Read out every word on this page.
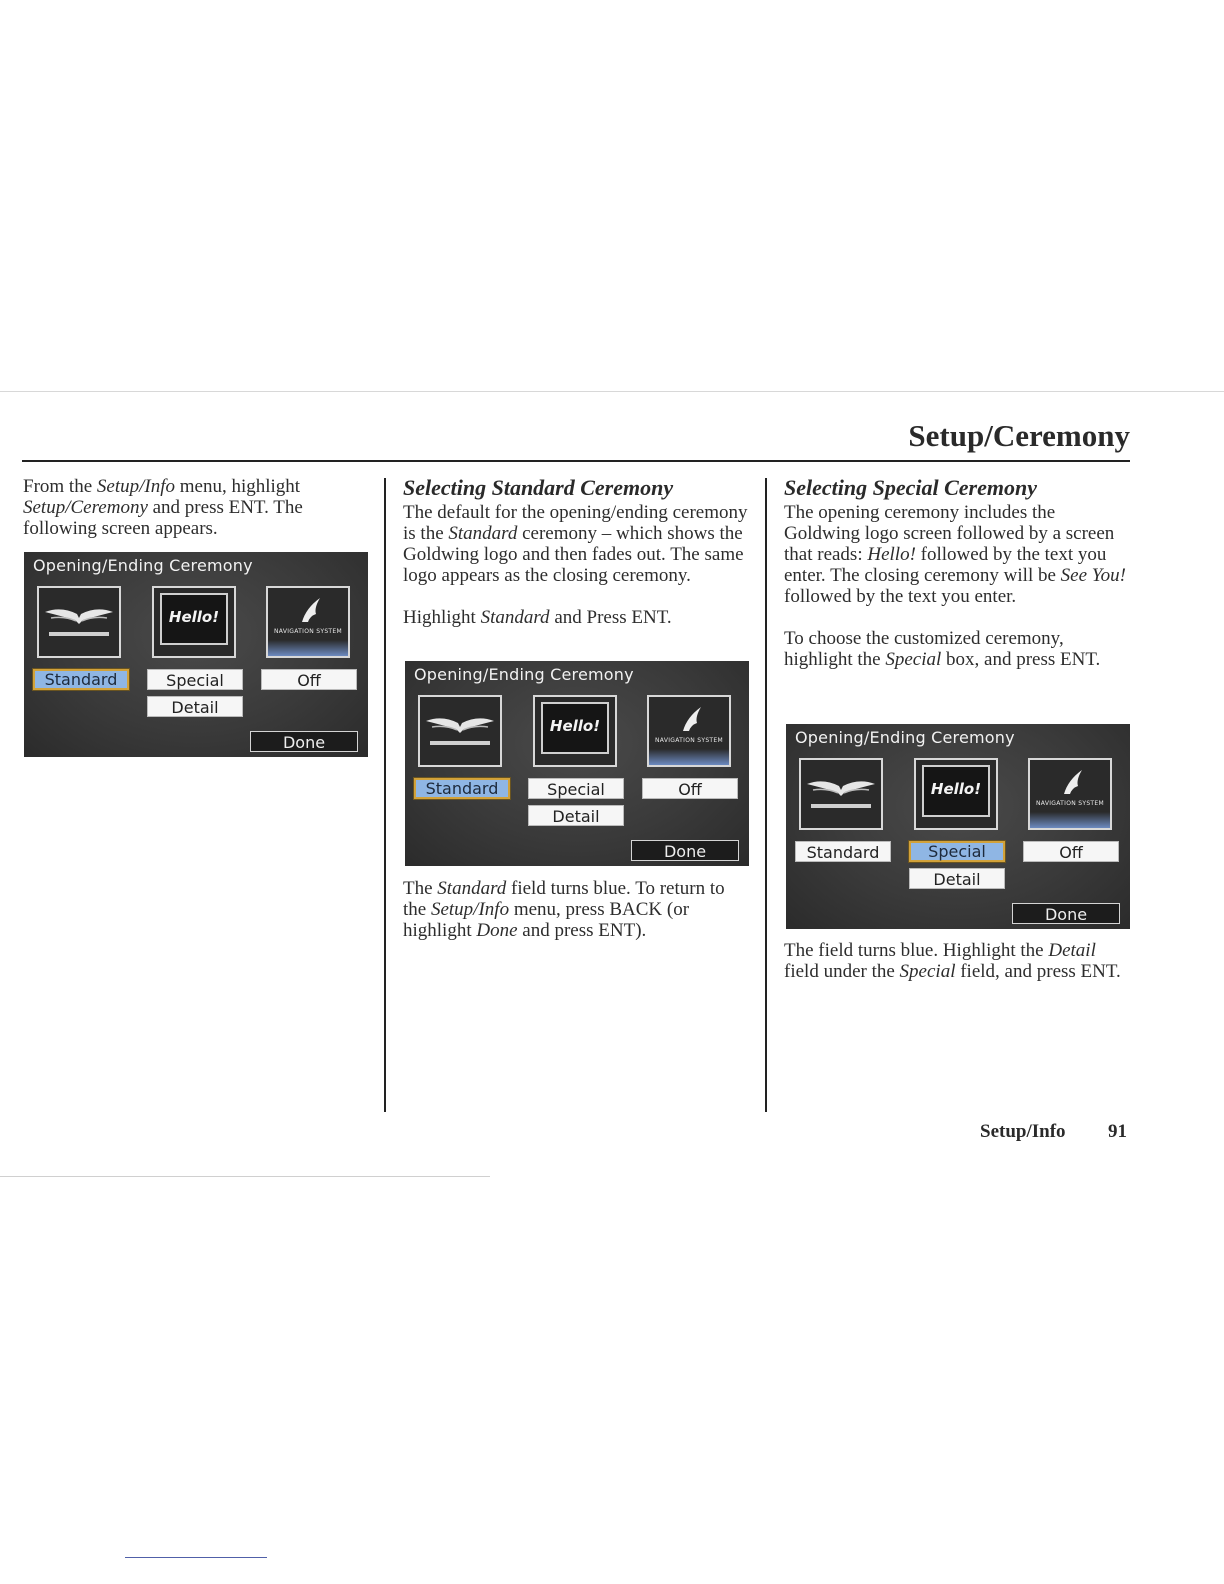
Setup/Ceremony

From the Setup/Info menu, highlight Setup/Ceremony and press ENT. The following screen appears.

Opening/Ending Ceremony
Hello!
NAVIGATION SYSTEM
Standard	Special	Off
Detail
Done
Selecting Standard Ceremony

The default for the opening/ending ceremony is the Standard ceremony – which shows the Goldwing logo and then fades out. The same logo appears as the closing ceremony.

Highlight Standard and Press ENT.

Opening/Ending Ceremony
Hello!
NAVIGATION SYSTEM
Standard	Special	Off
Detail
Done

The Standard field turns blue. To return to the Setup/Info menu, press BACK (or highlight Done and press ENT).

Selecting Special Ceremony

The opening ceremony includes the Goldwing logo screen followed by a screen that reads: Hello! followed by the text you enter. The closing ceremony will be See You! followed by the text you enter.

To choose the customized ceremony, highlight the Special box, and press ENT.

Opening/Ending Ceremony
Hello!
NAVIGATION SYSTEM
Standard	Special	Off
Detail
Done

The field turns blue. Highlight the Detail field under the Special field, and press ENT.

Setup/Info 91
